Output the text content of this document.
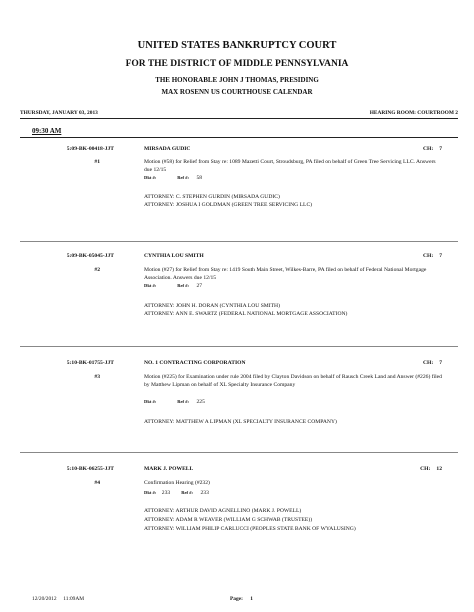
UNITED STATES BANKRUPTCY COURT
FOR THE DISTRICT OF MIDDLE PENNSYLVANIA
THE HONORABLE JOHN J THOMAS, PRESIDING
MAX ROSENN US COURTHOUSE CALENDAR
THURSDAY, JANUARY 03, 2013	HEARING ROOM: COURTROOM 2
09:30 AM
5:09-BK-00418-JJT	MIRSADA GUDIC	CH: 7
#1	Motion (#58) for Relief from Stay re: 1089 Mazetti Court, Stroudsburg, PA filed on behalf of Green Tree Servicing LLC. Answers due 12/15
Dkt #:	Ref #: 58
ATTORNEY: C. STEPHEN GURDIN (MIRSADA GUDIC)
ATTORNEY: JOSHUA I GOLDMAN (GREEN TREE SERVICING LLC)
5:09-BK-05045-JJT	CYNTHIA LOU SMITH	CH: 7
#2	Motion (#27) for Relief from Stay re: 1419 South Main Street, Wilkes-Barre, PA filed on behalf of Federal National Mortgage Association. Answers due 12/15
Dkt #:	Ref #: 27
ATTORNEY: JOHN H. DORAN (CYNTHIA LOU SMITH)
ATTORNEY: ANN E. SWARTZ (FEDERAL NATIONAL MORTGAGE ASSOCIATION)
5:10-BK-01755-JJT	NO. 1 CONTRACTING CORPORATION	CH: 7
#3	Motion (#225) for Examination under rule 2004 filed by Clayton Davidson on behalf of Rausch Creek Land and Answer (#226) filed by Matthew Lipman on behalf of XL Specialty Insurance Company
Dkt #:	Ref #: 225
ATTORNEY: MATTHEW A LIPMAN (XL SPECIALTY INSURANCE COMPANY)
5:10-BK-06255-JJT	MARK J. POWELL	CH: 12
#4	Confirmation Hearing (#232)
Dkt #: 233 Ref #: 233
ATTORNEY: ARTHUR DAVID AGNELLINO (MARK J. POWELL)
ATTORNEY: ADAM R WEAVER (WILLIAM G SCHWAB (TRUSTEE))
ATTORNEY: WILLIAM PHILIP CARLUCCI (PEOPLES STATE BANK OF WYALUSING)
12/20/2012     11:09AM	Page: 1
